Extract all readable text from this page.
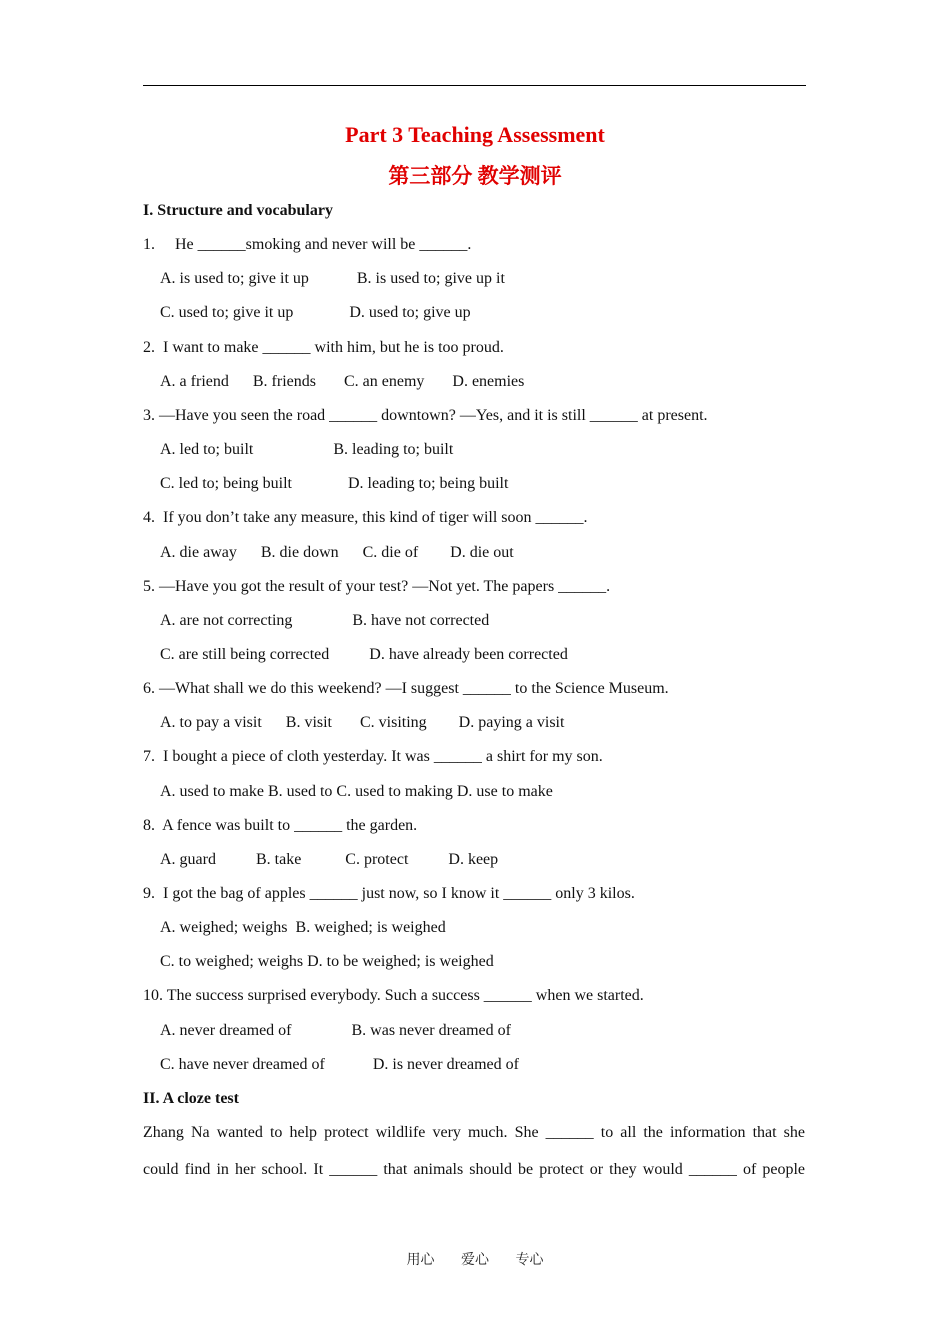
Part 3 Teaching Assessment
第三部分 教学测评
I. Structure and vocabulary
1.     He ______smoking and never will be ______.
A. is used to; give it up            B. is used to; give up it
C. used to; give it up              D. used to; give up
2.  I want to make ______ with him, but he is too proud.
A. a friend      B. friends       C. an enemy       D. enemies
3. —Have you seen the road ______ downtown? —Yes, and it is still ______ at present.
A. led to; built                    B. leading to; built
C. led to; being built              D. leading to; being built
4.  If you don’t take any measure, this kind of tiger will soon ______.
A. die away      B. die down      C. die of        D. die out
5. —Have you got the result of your test? —Not yet. The papers ______.
A. are not correcting               B. have not corrected
C. are still being corrected          D. have already been corrected
6. —What shall we do this weekend? —I suggest ______ to the Science Museum.
A. to pay a visit      B. visit       C. visiting        D. paying a visit
7.  I bought a piece of cloth yesterday. It was ______ a shirt for my son.
A. used to make B. used to C. used to making D. use to make
8.  A fence was built to ______ the garden.
A. guard          B. take           C. protect          D. keep
9.  I got the bag of apples ______ just now, so I know it ______ only 3 kilos.
A. weighed; weighs  B. weighed; is weighed
C. to weighed; weighs D. to be weighed; is weighed
10. The success surprised everybody. Such a success ______ when we started.
A. never dreamed of               B. was never dreamed of
C. have never dreamed of            D. is never dreamed of
II. A cloze test
Zhang Na wanted to help protect wildlife very much. She ______ to all the information that she
could find in her school. It ______ that animals should be protect or they would ______ of people
用心 爱心 专心
